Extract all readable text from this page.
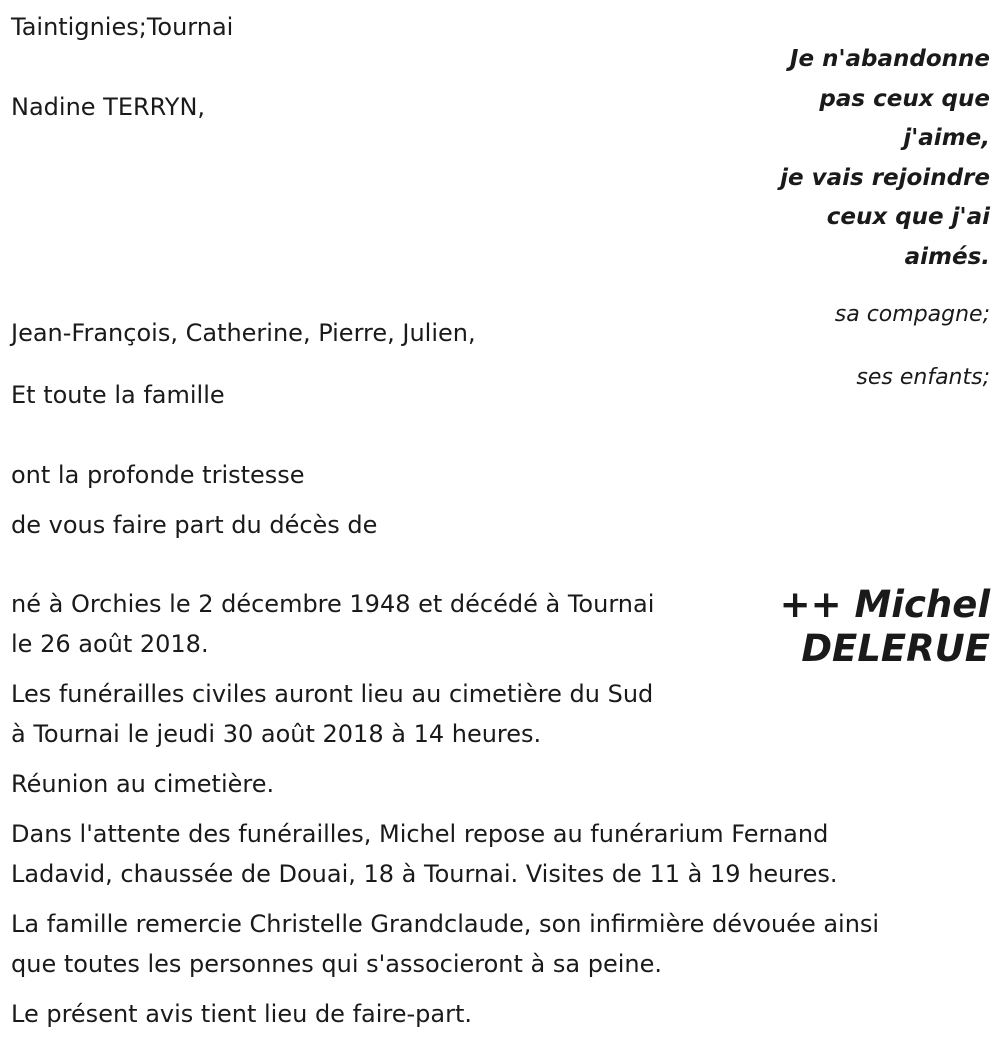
Taintignies;Tournai

Je n'abandonne
pas ceux que
j'aime,
je vais rejoindre
ceux que j'ai
aimés.

Nadine TERRYN,

sa compagne;

Jean-François, Catherine, Pierre, Julien,

ses enfants;

Et toute la famille

ont la profonde tristesse

de vous faire part du décès de

++ Michel
DELERUE
né à Orchies le 2 décembre 1948 et décédé à Tournai
le 26 août 2018.
Les funérailles civiles auront lieu au cimetière du Sud
à Tournai le jeudi 30 août 2018 à 14 heures.
Réunion au cimetière.
Dans l'attente des funérailles, Michel repose au funérarium Fernand
Ladavid, chaussée de Douai, 18 à Tournai. Visites de 11 à 19 heures.
La famille remercie Christelle Grandclaude, son infirmière dévouée ainsi
que toutes les personnes qui s'associeront à sa peine.
Le présent avis tient lieu de faire-part.
